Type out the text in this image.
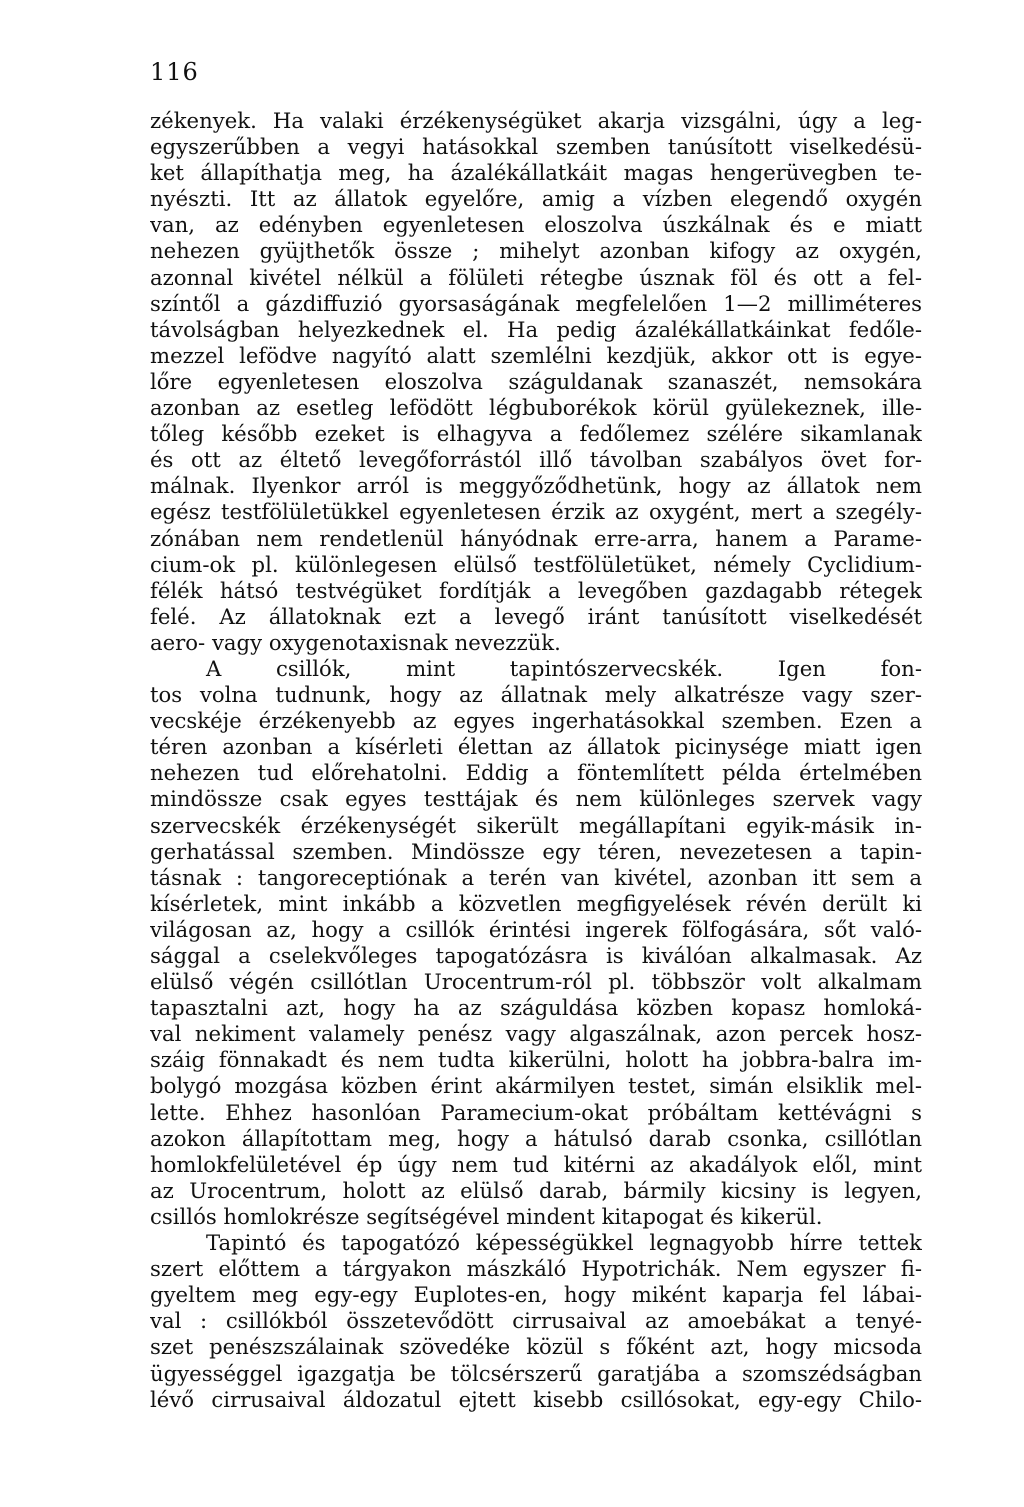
116
zékenyek. Ha valaki érzékenységüket akarja vizsgálni, úgy a leg-
egyszerűbben a vegyi hatásokkal szemben tanúsított viselkedésü-
ket állapíthatja meg, ha ázalékállatkáit magas hengerüvegben te-
nyészti. Itt az állatok egyelőre, amig a vízben elegendő oxygén
van, az edényben egyenletesen eloszolva úszkálnak és e miatt
nehezen gyüjthetők össze ; mihelyt azonban kifogy az oxygén,
azonnal kivétel nélkül a fölületi rétegbe úsznak föl és ott a fel-
színtől a gázdiffuzió gyorsaságának megfelelően 1—2 milliméteres
távolságban helyezkednek el. Ha pedig ázalékállatkáinkat fedőle-
mezzel lefödve nagyító alatt szemlélni kezdjük, akkor ott is egye-
lőre egyenletesen eloszolva száguldanak szanaszét, nemsokára
azonban az esetleg lefödött légbuborékok körül gyülekeznek, ille-
tőleg később ezeket is elhagyva a fedőlemez szélére sikamlanak
és ott az éltető levegőforrástól illő távolban szabályos övet for-
málnak. Ilyenkor arról is meggyőződhetünk, hogy az állatok nem
egész testfölületükkel egyenletesen érzik az oxygént, mert a szegély-
zónában nem rendetlenül hányódnak erre-arra, hanem a Parame-
cium-ok pl. különlegesen elülső testfölületüket, némely Cyclidium-
félék hátsó testvégüket fordítják a levegőben gazdagabb rétegek
felé. Az állatoknak ezt a levegő iránt tanúsított viselkedését
aero- vagy oxygenotaxisnak nevezzük.
A csillók, mint tapintószervecskék. Igen fon-
tos volna tudnunk, hogy az állatnak mely alkatrésze vagy szer-
vecskéje érzékenyebb az egyes ingerhatásokkal szemben. Ezen a
téren azonban a kísérleti élettan az állatok picinysége miatt igen
nehezen tud előrehatolni. Eddig a föntemlített példa értelmében
mindössze csak egyes testtájak és nem különleges szervek vagy
szervecskék érzékenységét sikerült megállapítani egyik-másik in-
gerhatással szemben. Mindössze egy téren, nevezetesen a tapin-
tásnak : tangoreceptiónak a terén van kivétel, azonban itt sem a
kísérletek, mint inkább a közvetlen megfigyelések révén derült ki
világosan az, hogy a csillók érintési ingerek fölfogására, sőt való-
sággal a cselekvőleges tapogatózásra is kiválóan alkalmasak. Az
elülső végén csillótlan Urocentrum-ról pl. többször volt alkalmam
tapasztalni azt, hogy ha az száguldása közben kopasz homloká-
val nekiment valamely penész vagy algaszálnak, azon percek hosz-
száig fönnakadt és nem tudta kikerülni, holott ha jobbra-balra im-
bolygó mozgása közben érint akármilyen testet, simán elsiklik mel-
lette. Ehhez hasonlóan Paramecium-okat próbáltam kettévágni s
azokon állapítottam meg, hogy a hátulsó darab csonka, csillótlan
homlokfelületével ép úgy nem tud kitérni az akadályok elől, mint
az Urocentrum, holott az elülső darab, bármily kicsiny is legyen,
csillós homlokrésze segítségével mindent kitapogat és kikerül.
Tapintó és tapogatózó képességükkel legnagyobb hírre tettek
szert előttem a tárgyakon mászkáló Hypotrichák. Nem egyszer fi-
gyeltem meg egy-egy Euplotes-en, hogy miként kaparja fel lábai-
val : csillókból összetevődött cirrusaival az amoebákat a tenyé-
szet penészszálainak szövedéke közül s főként azt, hogy micsoda
ügyességgel igazgatja be tölcsérszerű garatjába a szomszédságban
lévő cirrusaival áldozatul ejtett kisebb csillósokat, egy-egy Chilo-
